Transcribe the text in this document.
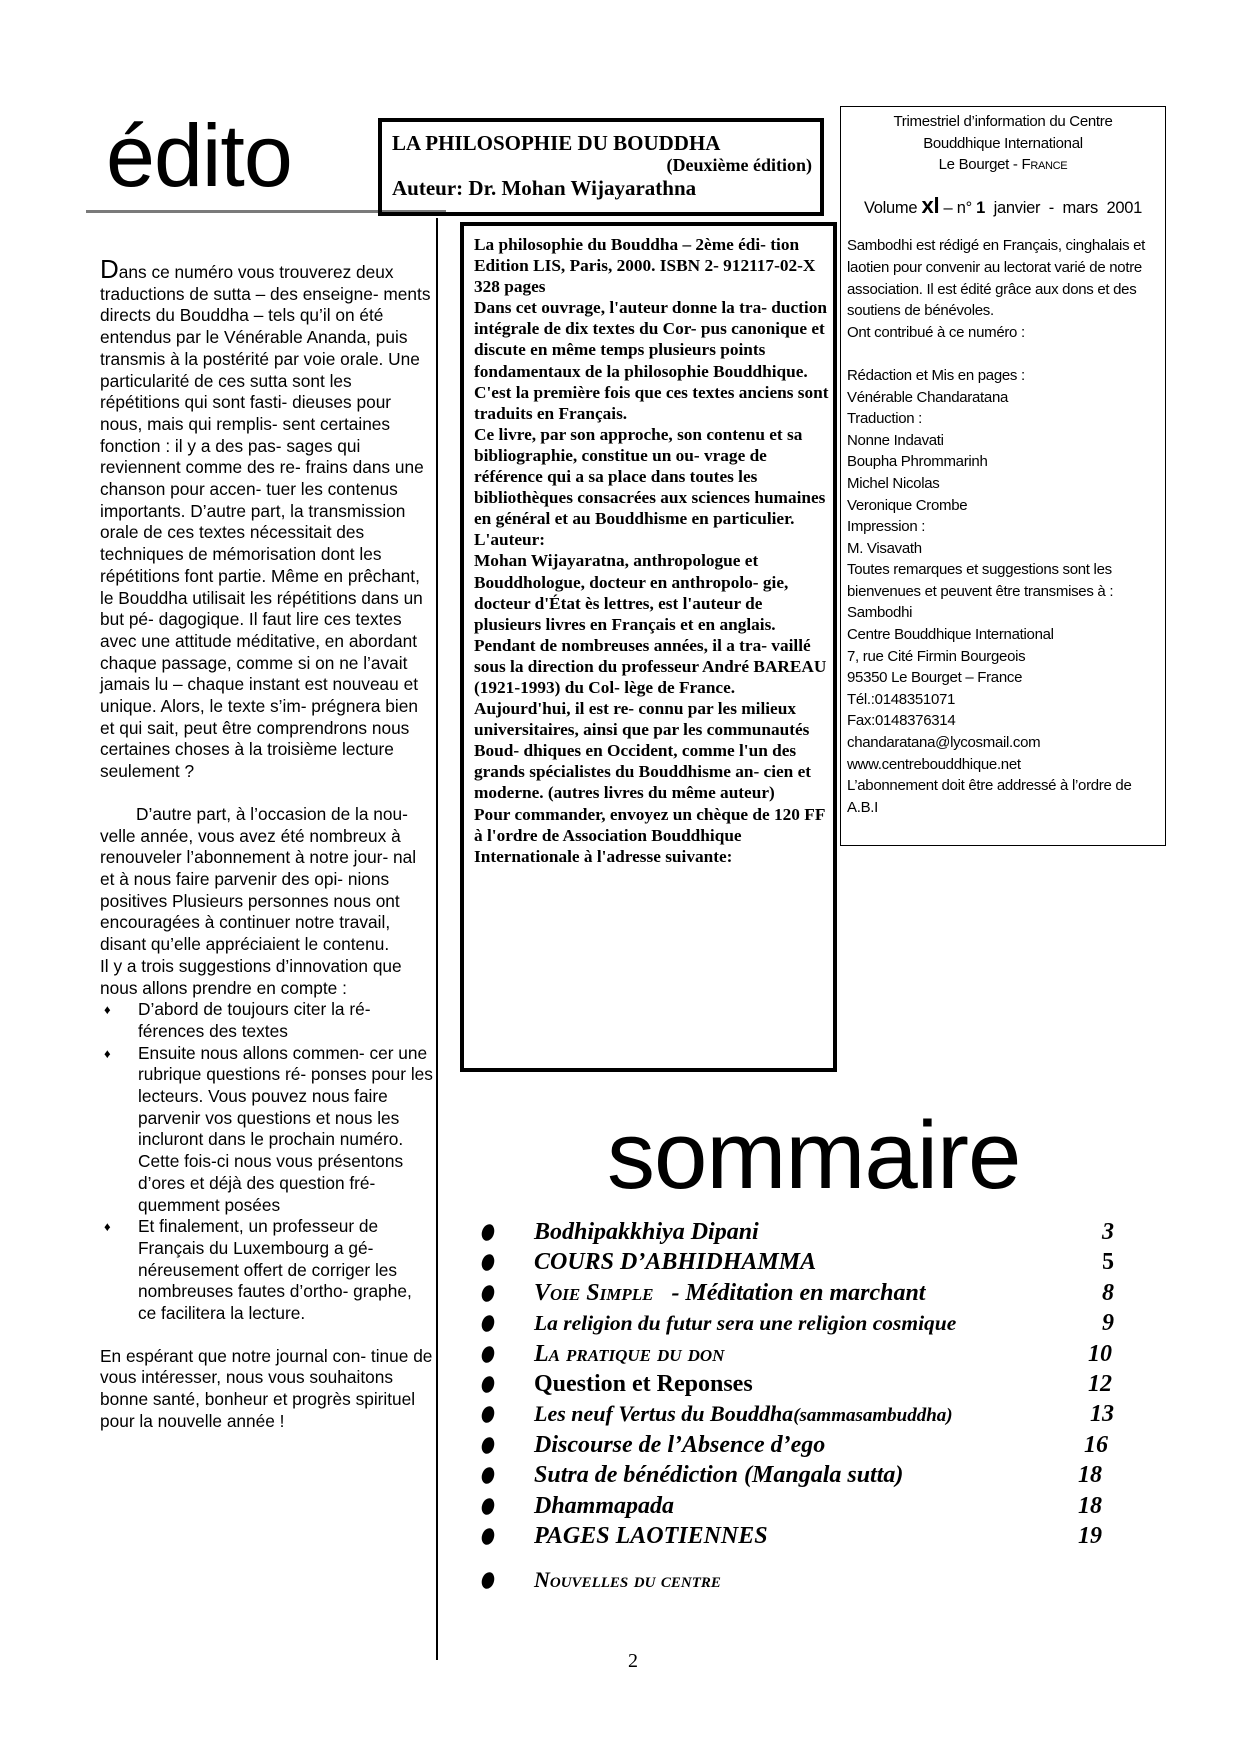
édito

Dans ce numéro vous trouverez deux traductions de sutta – des enseigne- ments directs du Bouddha – tels qu’il on été entendus par le Vénérable Ananda, puis transmis à la postérité par voie orale. Une particularité de ces sutta sont les répétitions qui sont fasti- dieuses pour nous, mais qui remplis- sent certaines fonction : il y a des pas- sages qui reviennent comme des re- frains dans une chanson pour accen- tuer les contenus importants. D’autre part, la transmission orale de ces textes nécessitait des techniques de mémorisation dont les répétitions font partie. Même en prêchant, le Bouddha utilisait les répétitions dans un but pé- dagogique. Il faut lire ces textes avec une attitude méditative, en abordant chaque passage, comme si on ne l’avait jamais lu – chaque instant est nouveau et unique. Alors, le texte s’im- prégnera bien et qui sait, peut être comprendrons nous certaines choses à la troisième lecture seulement ?

D’autre part, à l’occasion de la nou- velle année, vous avez été nombreux à renouveler l’abonnement à notre jour- nal et à nous faire parvenir des opi- nions positives Plusieurs personnes nous ont encouragées à continuer notre travail, disant qu’elle appréciaient le contenu.

Il y a trois suggestions d’innovation que nous allons prendre en compte :

♦ D’abord de toujours citer la ré- férences des textes
♦ Ensuite nous allons commen- cer une rubrique questions ré- ponses pour les lecteurs. Vous pouvez nous faire parvenir vos questions et nous les incluront dans le prochain numéro. Cette fois-ci nous vous présentons d’ores et déjà des question fré- quemment posées
♦ Et finalement, un professeur de Français du Luxembourg a gé- néreusement offert de corriger les nombreuses fautes d’ortho- graphe, ce facilitera la lecture.

En espérant que notre journal con- tinue de vous intéresser, nous vous souhaitons bonne santé, bonheur et progrès spirituel pour la nouvelle année !

LA PHILOSOPHIE DU BOUDDHA
(Deuxième édition)
Auteur: Dr. Mohan Wijayarathna

La philosophie du Bouddha – 2ème édi- tion Edition LIS, Paris, 2000. ISBN 2- 912117-02-X 328 pages

Dans cet ouvrage, l'auteur donne la tra- duction intégrale de dix textes du Cor- pus canonique et discute en même temps plusieurs points fondamentaux de la philosophie Bouddhique. C'est la première fois que ces textes anciens sont traduits en Français.

Ce livre, par son approche, son contenu et sa bibliographie, constitue un ou- vrage de référence qui a sa place dans toutes les bibliothèques consacrées aux sciences humaines en général et au Bouddhisme en particulier.

L'auteur:

Mohan Wijayaratna, anthropologue et Bouddhologue, docteur en anthropolo- gie, docteur d'État ès lettres, est l'auteur de plusieurs livres en Français et en anglais.

Pendant de nombreuses années, il a tra- vaillé sous la direction du professeur André BAREAU (1921-1993) du Col- lège de France. Aujourd'hui, il est re- connu par les milieux universitaires, ainsi que par les communautés Boud- dhiques en Occident, comme l'un des grands spécialistes du Bouddhisme an- cien et moderne. (autres livres du même auteur)

Pour commander, envoyez un chèque de 120 FF à l'ordre de Association Bouddhique Internationale à l'adresse suivante:

Trimestriel d’information du Centre
Bouddhique International
Le Bourget - France
Volume xl – n° 1  janvier  -  mars  2001

Sambodhi est rédigé en Français, cinghalais et laotien pour convenir au lectorat varié de notre association. Il est édité grâce aux dons et des soutiens de bénévoles.

Ont contribué à ce numéro :

Rédaction et Mis en pages :

Vénérable Chandaratana

Traduction :

Nonne Indavati

Boupha Phrommarinh

Michel Nicolas

Veronique Crombe

Impression :

M. Visavath

Toutes remarques et suggestions sont les bienvenues et peuvent être transmises à :

Sambodhi

Centre Bouddhique International

7, rue Cité Firmin Bourgeois

95350 Le Bourget – France

Tél.:0148351071

Fax:0148376314

chandaratana@lycosmail.com

www.centrebouddhique.net

L’abonnement doit être addressé à l’ordre de A.B.I

sommaire
Bodhipakkhiya Dipani	3
COURS D’ABHIDHAMMA	5
Voie Simple   - Méditation en marchant	8
La religion du futur sera une religion cosmique	9
La pratique du don	10
Question et Reponses	12
Les neuf Vertus du Bouddha(sammasambuddha)	13
Discourse de l’Absence d’ego	16
Sutra de bénédiction (Mangala sutta)	18
Dhammapada	18
PAGES LAOTIENNES	19
Nouvelles du centre
2
